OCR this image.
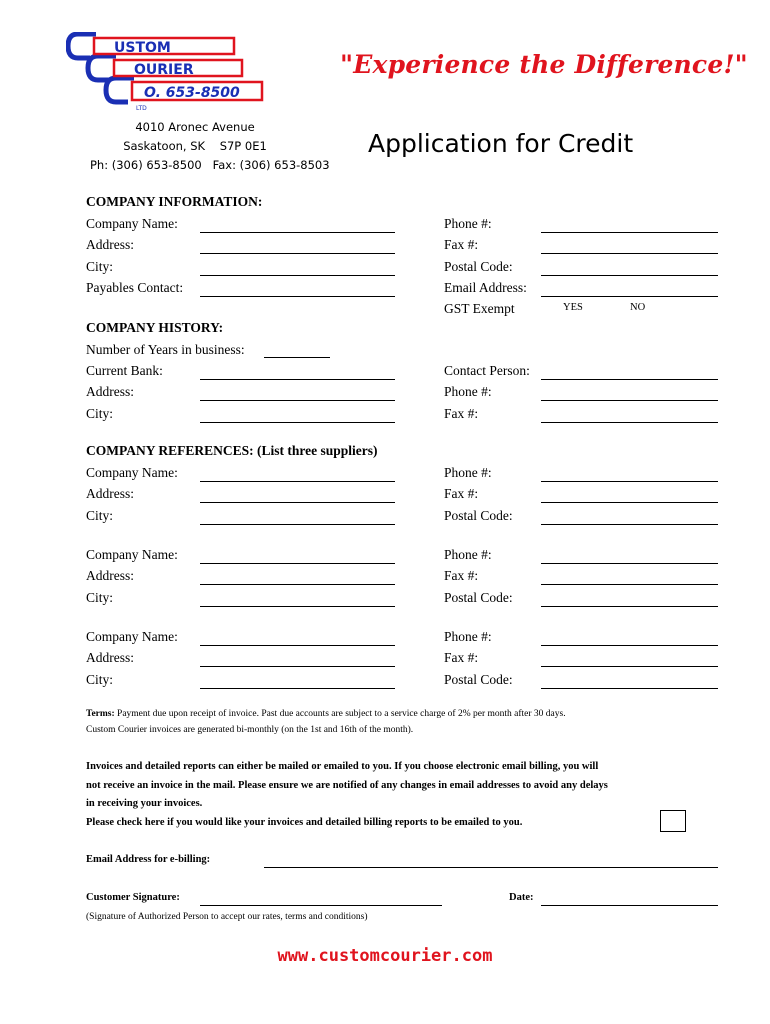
USTOM
OURIER
O. 653-8500
LTD
"Experience the Difference!"
4010 Aronec Avenue
Saskatoon, SK    S7P 0E1
Ph: (306) 653-8500   Fax: (306) 653-8503
Application for Credit
COMPANY INFORMATION:
Company Name:	Phone #:
Address:	Fax #:
City:	Postal Code:
Payables Contact:	Email Address:
GST Exempt	YES	NO
COMPANY HISTORY:
Number of Years in business:
Current Bank:	Contact Person:
Address:	Phone #:
City:	Fax #:
COMPANY REFERENCES: (List three suppliers)
Company Name:	Phone #:
Address:	Fax #:
City:	Postal Code:
Company Name:	Phone #:
Address:	Fax #:
City:	Postal Code:
Company Name:	Phone #:
Address:	Fax #:
City:	Postal Code:
Terms: Payment due upon receipt of invoice. Past due accounts are subject to a service charge of 2% per month after 30 days.
Custom Courier invoices are generated bi-monthly (on the 1st and 16th of the month).
Invoices and detailed reports can either be mailed or emailed to you. If you choose electronic email billing, you will
not receive an invoice in the mail. Please ensure we are notified of any changes in email addresses to avoid any delays
in receiving your invoices.
Please check here if you would like your invoices and detailed billing reports to be emailed to you.
Email Address for e-billing:
Customer Signature:	Date:
(Signature of Authorized Person to accept our rates, terms and conditions)
www.customcourier.com
